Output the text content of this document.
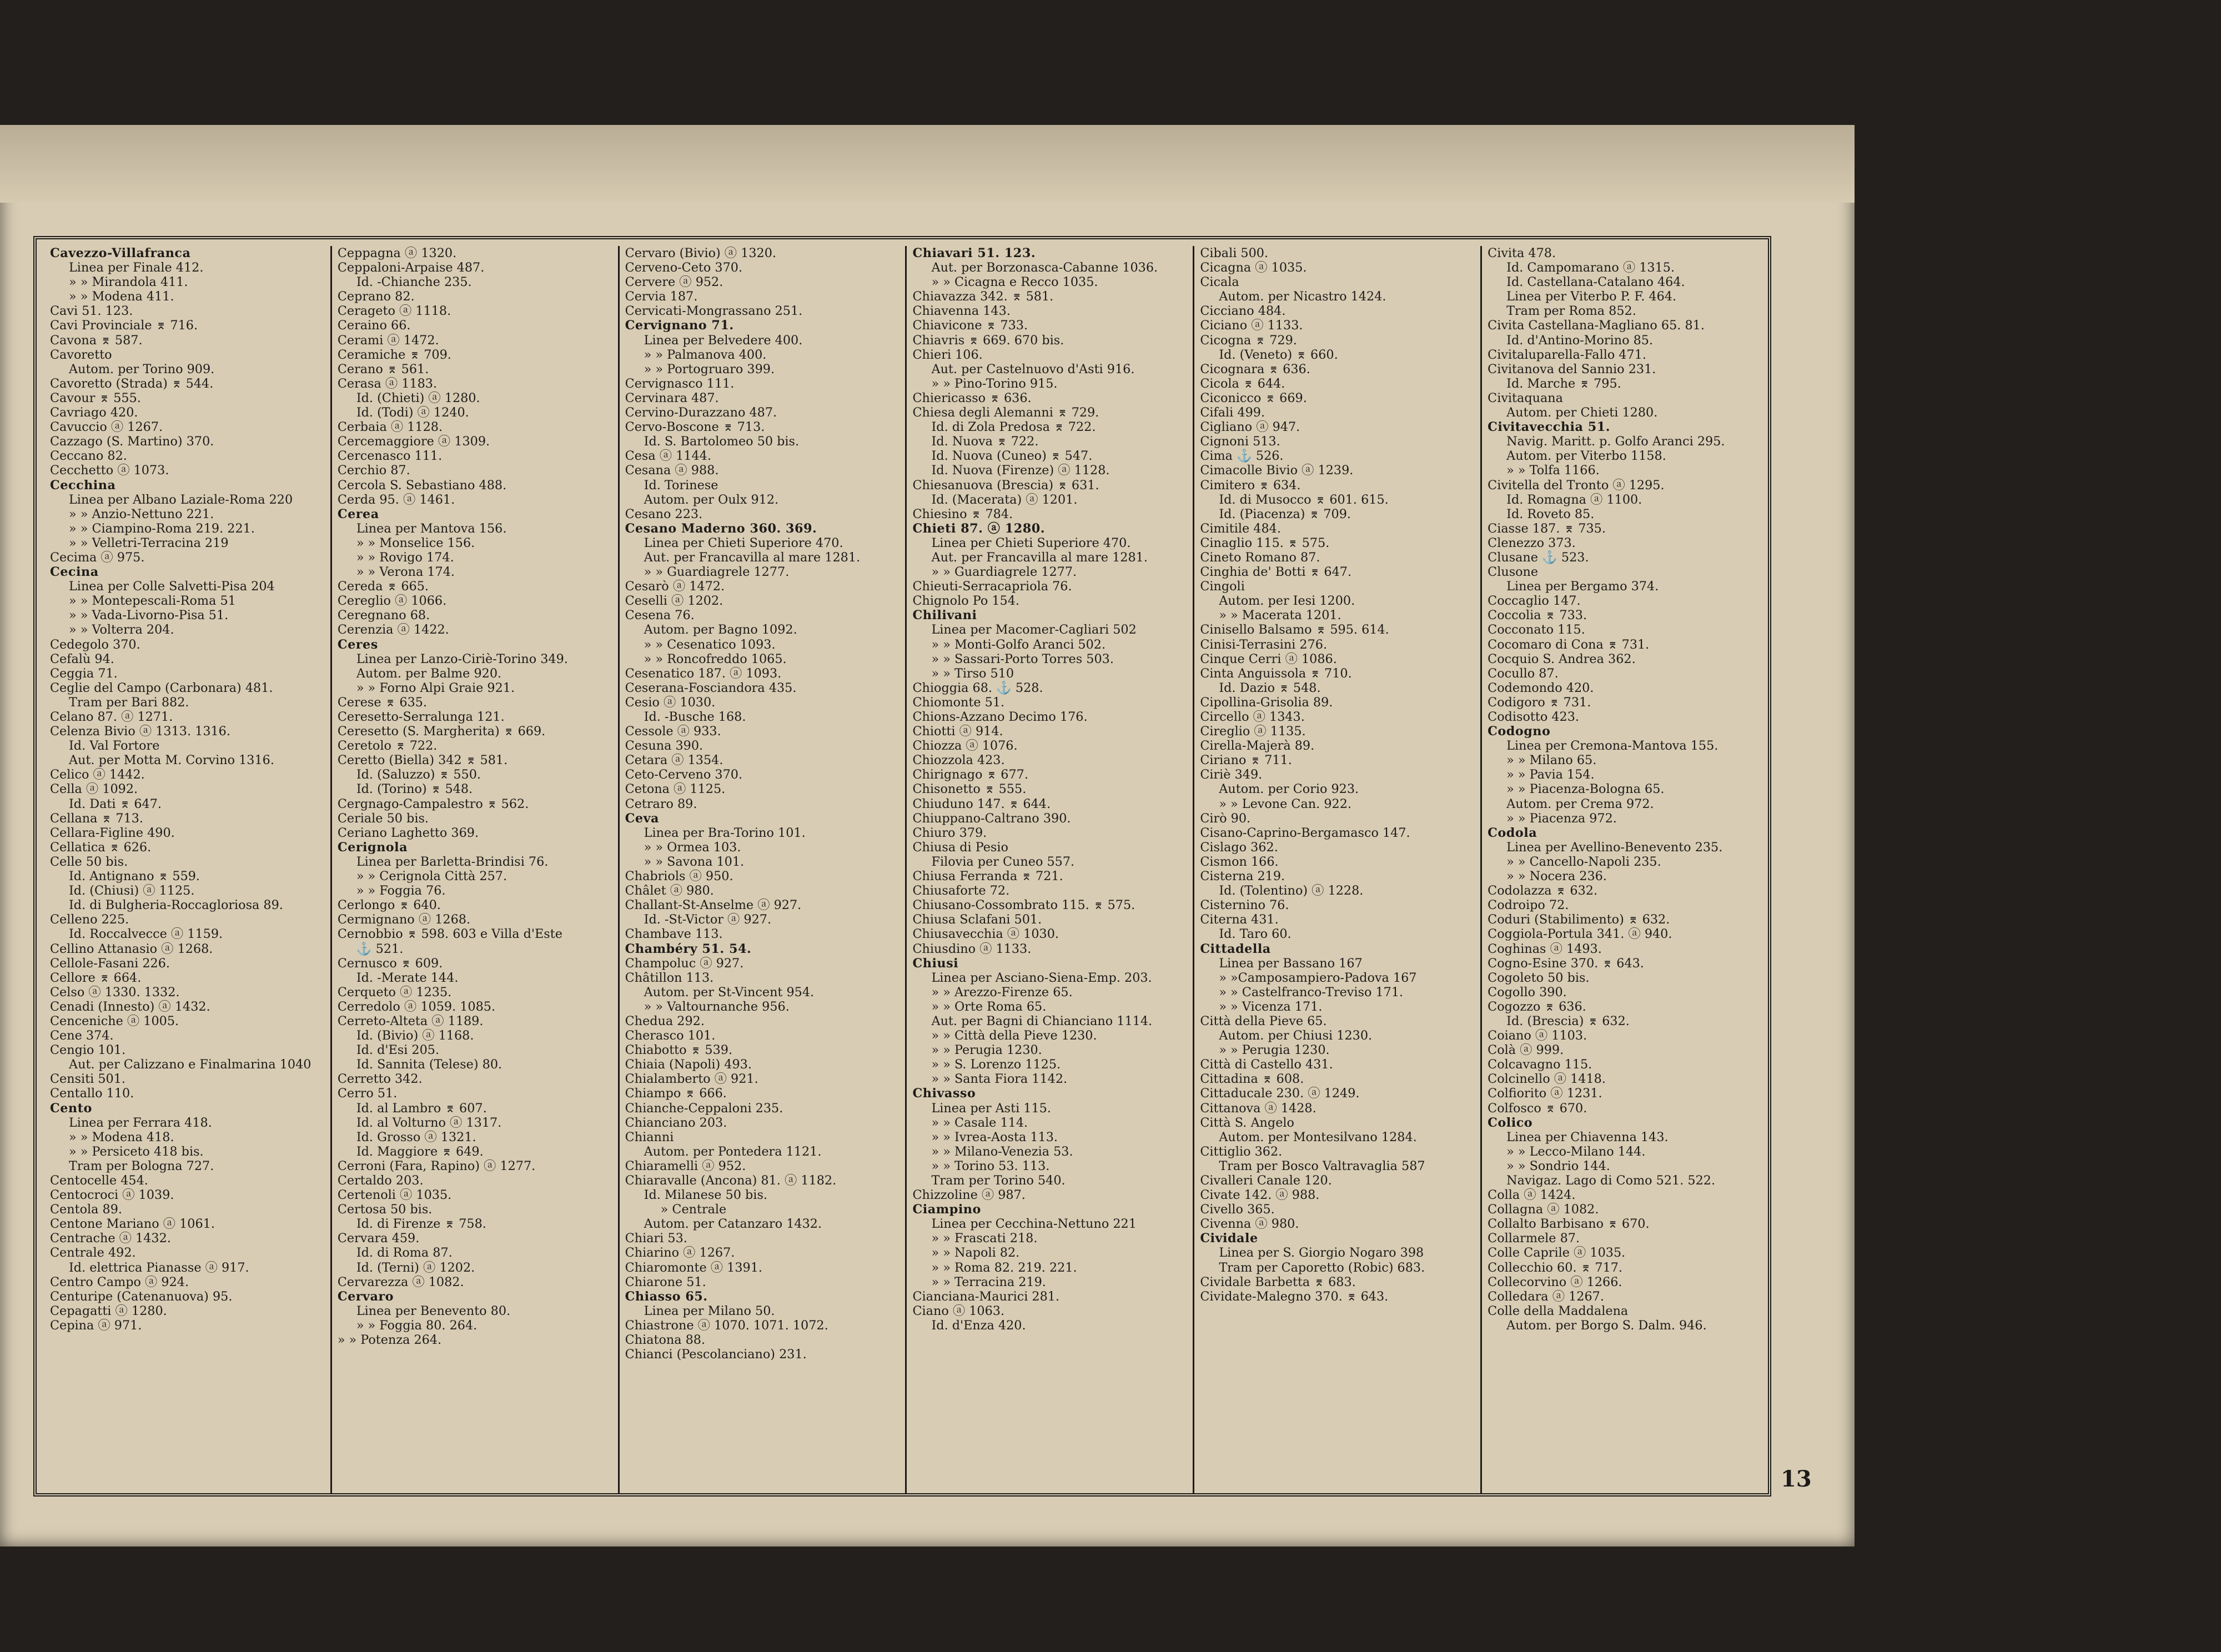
Cavezzo-Villafranca
Linea per Finale 412.
» » Mirandola 411.
» » Modena 411.
Cavi 51. 123.
Cavi Provinciale ⌆ 716.
Cavona ⌆ 587.
Cavoretto
Autom. per Torino 909.
Cavoretto (Strada) ⌆ 544.
Cavour ⌆ 555.
Cavriago 420.
Cavuccio ⓐ 1267.
Cazzago (S. Martino) 370.
Ceccano 82.
Cecchetto ⓐ 1073.
Cecchina
Linea per Albano Laziale-Roma 220
» » Anzio-Nettuno 221.
» » Ciampino-Roma 219. 221.
» » Velletri-Terracina 219
Cecima ⓐ 975.
Cecina
Linea per Colle Salvetti-Pisa 204
» » Montepescali-Roma 51
» » Vada-Livorno-Pisa 51.
» » Volterra 204.
Cedegolo 370.
Cefalù 94.
Ceggia 71.
Ceglie del Campo (Carbonara) 481.
Tram per Bari 882.
Celano 87. ⓐ 1271.
Celenza Bivio ⓐ 1313. 1316.
Id. Val Fortore
Aut. per Motta M. Corvino 1316.
Celico ⓐ 1442.
Cella ⓐ 1092.
Id. Dati ⌆ 647.
Cellana ⌆ 713.
Cellara-Figline 490.
Cellatica ⌆ 626.
Celle 50 bis.
Id. Antignano ⌆ 559.
Id. (Chiusi) ⓐ 1125.
Id. di Bulgheria-Roccagloriosa 89.
Celleno 225.
Id. Roccalvecce ⓐ 1159.
Cellino Attanasio ⓐ 1268.
Cellole-Fasani 226.
Cellore ⌆ 664.
Celso ⓐ 1330. 1332.
Cenadi (Innesto) ⓐ 1432.
Cenceniche ⓐ 1005.
Cene 374.
Cengio 101.
Aut. per Calizzano e Finalmarina 1040
Censiti 501.
Centallo 110.
Cento
Linea per Ferrara 418.
» » Modena 418.
» » Persiceto 418 bis.
Tram per Bologna 727.
Centocelle 454.
Centocroci ⓐ 1039.
Centola 89.
Centone Mariano ⓐ 1061.
Centrache ⓐ 1432.
Centrale 492.
Id. elettrica Pianasse ⓐ 917.
Centro Campo ⓐ 924.
Centuripe (Catenanuova) 95.
Cepagatti ⓐ 1280.
Cepina ⓐ 971.
Ceppagna ⓐ 1320.
Ceppaloni-Arpaise 487.
Id. -Chianche 235.
Ceprano 82.
Cerageto ⓐ 1118.
Ceraino 66.
Cerami ⓐ 1472.
Ceramiche ⌆ 709.
Cerano ⌆ 561.
Cerasa ⓐ 1183.
Id. (Chieti) ⓐ 1280.
Id. (Todi) ⓐ 1240.
Cerbaia ⓐ 1128.
Cercemaggiore ⓐ 1309.
Cercenasco 111.
Cerchio 87.
Cercola S. Sebastiano 488.
Cerda 95. ⓐ 1461.
Cerea
Linea per Mantova 156.
» » Monselice 156.
» » Rovigo 174.
» » Verona 174.
Cereda ⌆ 665.
Cereglio ⓐ 1066.
Ceregnano 68.
Cerenzia ⓐ 1422.
Ceres
Linea per Lanzo-Ciriè-Torino 349.
Autom. per Balme 920.
» » Forno Alpi Graie 921.
Cerese ⌆ 635.
Ceresetto-Serralunga 121.
Ceresetto (S. Margherita) ⌆ 669.
Ceretolo ⌆ 722.
Ceretto (Biella) 342 ⌆ 581.
Id. (Saluzzo) ⌆ 550.
Id. (Torino) ⌆ 548.
Cergnago-Campalestro ⌆ 562.
Ceriale 50 bis.
Ceriano Laghetto 369.
Cerignola
Linea per Barletta-Brindisi 76.
» » Cerignola Città 257.
» » Foggia 76.
Cerlongo ⌆ 640.
Cermignano ⓐ 1268.
Cernobbio ⌆ 598. 603 e Villa d'Este
⚓ 521.
Cernusco ⌆ 609.
Id. -Merate 144.
Cerqueto ⓐ 1235.
Cerredolo ⓐ 1059. 1085.
Cerreto-Alteta ⓐ 1189.
Id. (Bivio) ⓐ 1168.
Id. d'Esi 205.
Id. Sannita (Telese) 80.
Cerretto 342.
Cerro 51.
Id. al Lambro ⌆ 607.
Id. al Volturno ⓐ 1317.
Id. Grosso ⓐ 1321.
Id. Maggiore ⌆ 649.
Cerroni (Fara, Rapino) ⓐ 1277.
Certaldo 203.
Certenoli ⓐ 1035.
Certosa 50 bis.
Id. di Firenze ⌆ 758.
Cervara 459.
Id. di Roma 87.
Id. (Terni) ⓐ 1202.
Cervarezza ⓐ 1082.
Cervaro
Linea per Benevento 80.
» » Foggia 80. 264.
» » Potenza 264.
Cervaro (Bivio) ⓐ 1320.
Cerveno-Ceto 370.
Cervere ⓐ 952.
Cervia 187.
Cervicati-Mongrassano 251.
Cervignano 71.
Linea per Belvedere 400.
» » Palmanova 400.
» » Portogruaro 399.
Cervignasco 111.
Cervinara 487.
Cervino-Durazzano 487.
Cervo-Boscone ⌆ 713.
Id. S. Bartolomeo 50 bis.
Cesa ⓐ 1144.
Cesana ⓐ 988.
Id. Torinese
Autom. per Oulx 912.
Cesano 223.
Cesano Maderno 360. 369.
Linea per Chieti Superiore 470.
Aut. per Francavilla al mare 1281.
» » Guardiagrele 1277.
Cesarò ⓐ 1472.
Ceselli ⓐ 1202.
Cesena 76.
Autom. per Bagno 1092.
» » Cesenatico 1093.
» » Roncofreddo 1065.
Cesenatico 187. ⓐ 1093.
Ceserana-Fosciandora 435.
Cesio ⓐ 1030.
Id. -Busche 168.
Cessole ⓐ 933.
Cesuna 390.
Cetara ⓐ 1354.
Ceto-Cerveno 370.
Cetona ⓐ 1125.
Cetraro 89.
Ceva
Linea per Bra-Torino 101.
» » Ormea 103.
» » Savona 101.
Chabriols ⓐ 950.
Châlet ⓐ 980.
Challant-St-Anselme ⓐ 927.
Id. -St-Victor ⓐ 927.
Chambave 113.
Chambéry 51. 54.
Champoluc ⓐ 927.
Châtillon 113.
Autom. per St-Vincent 954.
» » Valtournanche 956.
Chedua 292.
Cherasco 101.
Chiabotto ⌆ 539.
Chiaia (Napoli) 493.
Chialamberto ⓐ 921.
Chiampo ⌆ 666.
Chianche-Ceppaloni 235.
Chianciano 203.
Chianni
Autom. per Pontedera 1121.
Chiaramelli ⓐ 952.
Chiaravalle (Ancona) 81. ⓐ 1182.
Id. Milanese 50 bis.
» Centrale
Autom. per Catanzaro 1432.
Chiari 53.
Chiarino ⓐ 1267.
Chiaromonte ⓐ 1391.
Chiarone 51.
Chiasso 65.
Linea per Milano 50.
Chiastrone ⓐ 1070. 1071. 1072.
Chiatona 88.
Chianci (Pescolanciano) 231.
Chiavari 51. 123.
Aut. per Borzonasca-Cabanne 1036.
» » Cicagna e Recco 1035.
Chiavazza 342. ⌆ 581.
Chiavenna 143.
Chiavicone ⌆ 733.
Chiavris ⌆ 669. 670 bis.
Chieri 106.
Aut. per Castelnuovo d'Asti 916.
» » Pino-Torino 915.
Chiericasso ⌆ 636.
Chiesa degli Alemanni ⌆ 729.
Id. di Zola Predosa ⌆ 722.
Id. Nuova ⌆ 722.
Id. Nuova (Cuneo) ⌆ 547.
Id. Nuova (Firenze) ⓐ 1128.
Chiesanuova (Brescia) ⌆ 631.
Id. (Macerata) ⓐ 1201.
Chiesino ⌆ 784.
Chieti 87. ⓐ 1280.
Linea per Chieti Superiore 470.
Aut. per Francavilla al mare 1281.
» » Guardiagrele 1277.
Chieuti-Serracapriola 76.
Chignolo Po 154.
Chilivani
Linea per Macomer-Cagliari 502
» » Monti-Golfo Aranci 502.
» » Sassari-Porto Torres 503.
» » Tirso 510
Chioggia 68. ⚓ 528.
Chiomonte 51.
Chions-Azzano Decimo 176.
Chiotti ⓐ 914.
Chiozza ⓐ 1076.
Chiozzola 423.
Chirignago ⌆ 677.
Chisonetto ⌆ 555.
Chiuduno 147. ⌆ 644.
Chiuppano-Caltrano 390.
Chiuro 379.
Chiusa di Pesio
Filovia per Cuneo 557.
Chiusa Ferranda ⌆ 721.
Chiusaforte 72.
Chiusano-Cossombrato 115. ⌆ 575.
Chiusa Sclafani 501.
Chiusavecchia ⓐ 1030.
Chiusdino ⓐ 1133.
Chiusi
Linea per Asciano-Siena-Emp. 203.
» » Arezzo-Firenze 65.
» » Orte Roma 65.
Aut. per Bagni di Chianciano 1114.
» » Città della Pieve 1230.
» » Perugia 1230.
» » S. Lorenzo 1125.
» » Santa Fiora 1142.
Chivasso
Linea per Asti 115.
» » Casale 114.
» » Ivrea-Aosta 113.
» » Milano-Venezia 53.
» » Torino 53. 113.
Tram per Torino 540.
Chizzoline ⓐ 987.
Ciampino
Linea per Cecchina-Nettuno 221
» » Frascati 218.
» » Napoli 82.
» » Roma 82. 219. 221.
» » Terracina 219.
Cianciana-Maurici 281.
Ciano ⓐ 1063.
Id. d'Enza 420.
Cibali 500.
Cicagna ⓐ 1035.
Cicala
Autom. per Nicastro 1424.
Cicciano 484.
Ciciano ⓐ 1133.
Cicogna ⌆ 729.
Id. (Veneto) ⌆ 660.
Cicognara ⌆ 636.
Cicola ⌆ 644.
Ciconicco ⌆ 669.
Cifali 499.
Cigliano ⓐ 947.
Cignoni 513.
Cima ⚓ 526.
Cimacolle Bivio ⓐ 1239.
Cimitero ⌆ 634.
Id. di Musocco ⌆ 601. 615.
Id. (Piacenza) ⌆ 709.
Cimitile 484.
Cinaglio 115. ⌆ 575.
Cineto Romano 87.
Cinghia de' Botti ⌆ 647.
Cingoli
Autom. per Iesi 1200.
» » Macerata 1201.
Cinisello Balsamo ⌆ 595. 614.
Cinisi-Terrasini 276.
Cinque Cerri ⓐ 1086.
Cinta Anguissola ⌆ 710.
Id. Dazio ⌆ 548.
Cipollina-Grisolia 89.
Circello ⓐ 1343.
Cireglio ⓐ 1135.
Cirella-Majerà 89.
Ciriano ⌆ 711.
Ciriè 349.
Autom. per Corio 923.
» » Levone Can. 922.
Cirò 90.
Cisano-Caprino-Bergamasco 147.
Cislago 362.
Cismon 166.
Cisterna 219.
Id. (Tolentino) ⓐ 1228.
Cisternino 76.
Citerna 431.
Id. Taro 60.
Cittadella
Linea per Bassano 167
» »Camposampiero-Padova 167
» » Castelfranco-Treviso 171.
» » Vicenza 171.
Città della Pieve 65.
Autom. per Chiusi 1230.
» » Perugia 1230.
Città di Castello 431.
Cittadina ⌆ 608.
Cittaducale 230. ⓐ 1249.
Cittanova ⓐ 1428.
Città S. Angelo
Autom. per Montesilvano 1284.
Cittiglio 362.
Tram per Bosco Valtravaglia 587
Civalleri Canale 120.
Civate 142. ⓐ 988.
Civello 365.
Civenna ⓐ 980.
Cividale
Linea per S. Giorgio Nogaro 398
Tram per Caporetto (Robic) 683.
Cividale Barbetta ⌆ 683.
Cividate-Malegno 370. ⌆ 643.
Civita 478.
Id. Campomarano ⓐ 1315.
Id. Castellana-Catalano 464.
Linea per Viterbo P. F. 464.
Tram per Roma 852.
Civita Castellana-Magliano 65. 81.
Id. d'Antino-Morino 85.
Civitaluparella-Fallo 471.
Civitanova del Sannio 231.
Id. Marche ⌆ 795.
Civitaquana
Autom. per Chieti 1280.
Civitavecchia 51.
Navig. Maritt. p. Golfo Aranci 295.
Autom. per Viterbo 1158.
» » Tolfa 1166.
Civitella del Tronto ⓐ 1295.
Id. Romagna ⓐ 1100.
Id. Roveto 85.
Ciasse 187. ⌆ 735.
Clenezzo 373.
Clusane ⚓ 523.
Clusone
Linea per Bergamo 374.
Coccaglio 147.
Coccolia ⌆ 733.
Cocconato 115.
Cocomaro di Cona ⌆ 731.
Cocquio S. Andrea 362.
Cocullo 87.
Codemondo 420.
Codigoro ⌆ 731.
Codisotto 423.
Codogno
Linea per Cremona-Mantova 155.
» » Milano 65.
» » Pavia 154.
» » Piacenza-Bologna 65.
Autom. per Crema 972.
» » Piacenza 972.
Codola
Linea per Avellino-Benevento 235.
» » Cancello-Napoli 235.
» » Nocera 236.
Codolazza ⌆ 632.
Codroipo 72.
Coduri (Stabilimento) ⌆ 632.
Coggiola-Portula 341. ⓐ 940.
Coghinas ⓐ 1493.
Cogno-Esine 370. ⌆ 643.
Cogoleto 50 bis.
Cogollo 390.
Cogozzo ⌆ 636.
Id. (Brescia) ⌆ 632.
Coiano ⓐ 1103.
Colà ⓐ 999.
Colcavagno 115.
Colcinello ⓐ 1418.
Colfiorito ⓐ 1231.
Colfosco ⌆ 670.
Colico
Linea per Chiavenna 143.
» » Lecco-Milano 144.
» » Sondrio 144.
Navigaz. Lago di Como 521. 522.
Colla ⓐ 1424.
Collagna ⓐ 1082.
Collalto Barbisano ⌆ 670.
Collarmele 87.
Colle Caprile ⓐ 1035.
Collecchio 60. ⌆ 717.
Collecorvino ⓐ 1266.
Colledara ⓐ 1267.
Colle della Maddalena
Autom. per Borgo S. Dalm. 946.
13
